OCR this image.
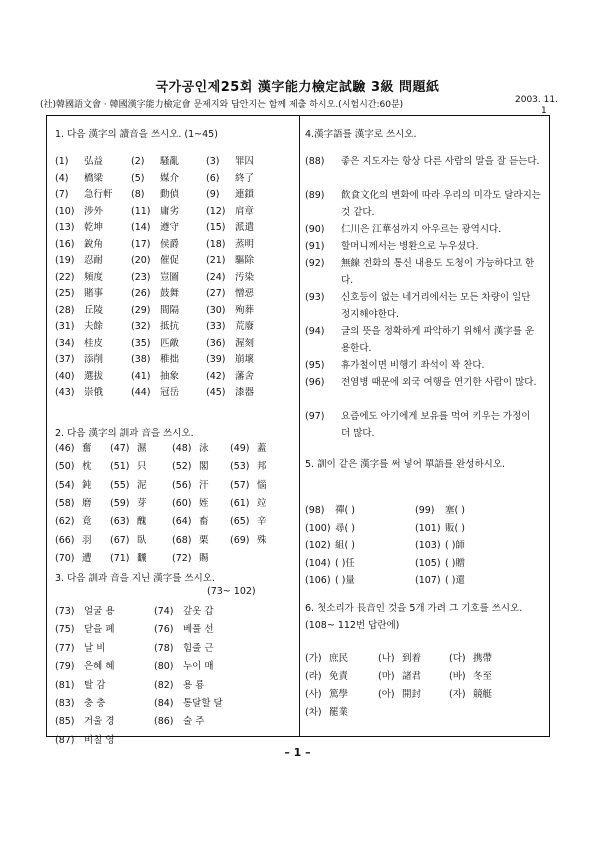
국가공인제25회 漢字能力檢定試驗 3級 問題紙
(社)韓國語文會 · 韓國漢字能力檢定會 문제지와 답안지는 함께 제출 하시오.(시험시간:60분)	2003. 11.
1
1. 다음 漢字의 讀音을 쓰시오. (1~45)
(1) 弘益	(2) 騷亂	(3) 罪囚
(4) 橋梁	(5) 媒介	(6) 終了
(7) 急行軒 (8) 動偵	(9) 連鎖
(10) 涉外	(11) 庸劣	(12) 肩章
(13) 乾坤	(14) 遵守	(15) 派遣
(16) 銳角	(17) 侯爵	(18) 蒸明
(19) 忍耐	(20) 催促	(21) 驅除
(22) 頻度	(23) 豈圖	(24) 汚染
(25) 賭事	(26) 鼓舞	(27) 憎惡
(28) 丘陵	(29) 間隔	(30) 殉葬
(31) 夫餘	(32) 抵抗	(33) 荒廢
(34) 桂皮	(35) 匹敵	(36) 渥刻
(37) 添削	(38) 稚拙	(39) 崩壞
(40) 選拔	(41) 抽象	(42) 藩舍
(43) 崇俄	(44) 冠岳	(45) 漆器
2. 다음 漢字의 訓과 音을 쓰시오.
(46) 奮 (47) 濕	(48) 泳 (49) 蓋
(50) 枕 (51) 只	(52) 閣 (53) 邦
(54) 鈍 (55) 泥	(56) 汗 (57) 惱
(58) 磨 (59) 芽	(60) 姪 (61) 竝
(62) 竟 (63) 醜	(64) 畜 (65) 辛
(66) 羽 (67) 臥	(68) 栗 (69) 殊
(70) 遭 (71) 飜	(72) 賜
3. 다음 訓과 音을 지닌 漢字를 쓰시오.
(73~ 102)
(73) 얼굴 용	(74) 갚옷 갑
(75) 닫을 폐	(76) 베풀 선
(77) 날 비	(78) 힘줄 근
(79) 은혜 혜	(80) 누이 매
(81) 탈 감	(82) 용 룡
(83) 충 충	(84) 통달할 달
(85) 거울 경	(86) 술 주
(87) 비칠 영
4.漢字語를 漢字로 쓰시오.
(88) 좋은 지도자는 항상 다른 사람의 말을 잘 듣는다.
(89) 飮食文化의 변화에 따라 우리의 미각도 달라지는 것 같다.
(90) 仁川은 江華섬까지 아우르는 광역시다.
(91) 할머니께서는 병환으로 누우셨다.
(92) 無線 전화의 통신 내용도 도청이 가능하다고 한다.
(93) 신호등이 없는 네거리에서는 모든 차량이 일단 정지해야한다.
(94) 글의 뜻을 정확하게 파악하기 위해서 漢字를 운용한다.
(95) 휴가철이면 비행기 좌석이 꽉 찬다.
(96) 전염병 때문에 외국 여행을 연기한 사람이 많다.
(97) 요즘에도 아기에게 보유를 먹여 키우는 가정이 더 많다.
5. 訓이 같은 漢字를 써 넣어 單語를 완성하시오.
(98) 禪( )	(99) 塞( )
(100) 尋( )	(101) 販( )
(102) 組( )	(103) ( )師
(104) ( )任	(105) ( )贈
(106) ( )量	(107) ( )還
6. 첫소리가 長音인 것을 5개 가려 그 기호를 쓰시오. (108~ 112번 답란에)
(가) 庶民	(나) 到着	(다) 携帶
(라) 免責	(마) 諸君	(바) 冬至
(사) 篤學	(아) 開封	(자) 競艇
(차) 罷業
– 1 –
